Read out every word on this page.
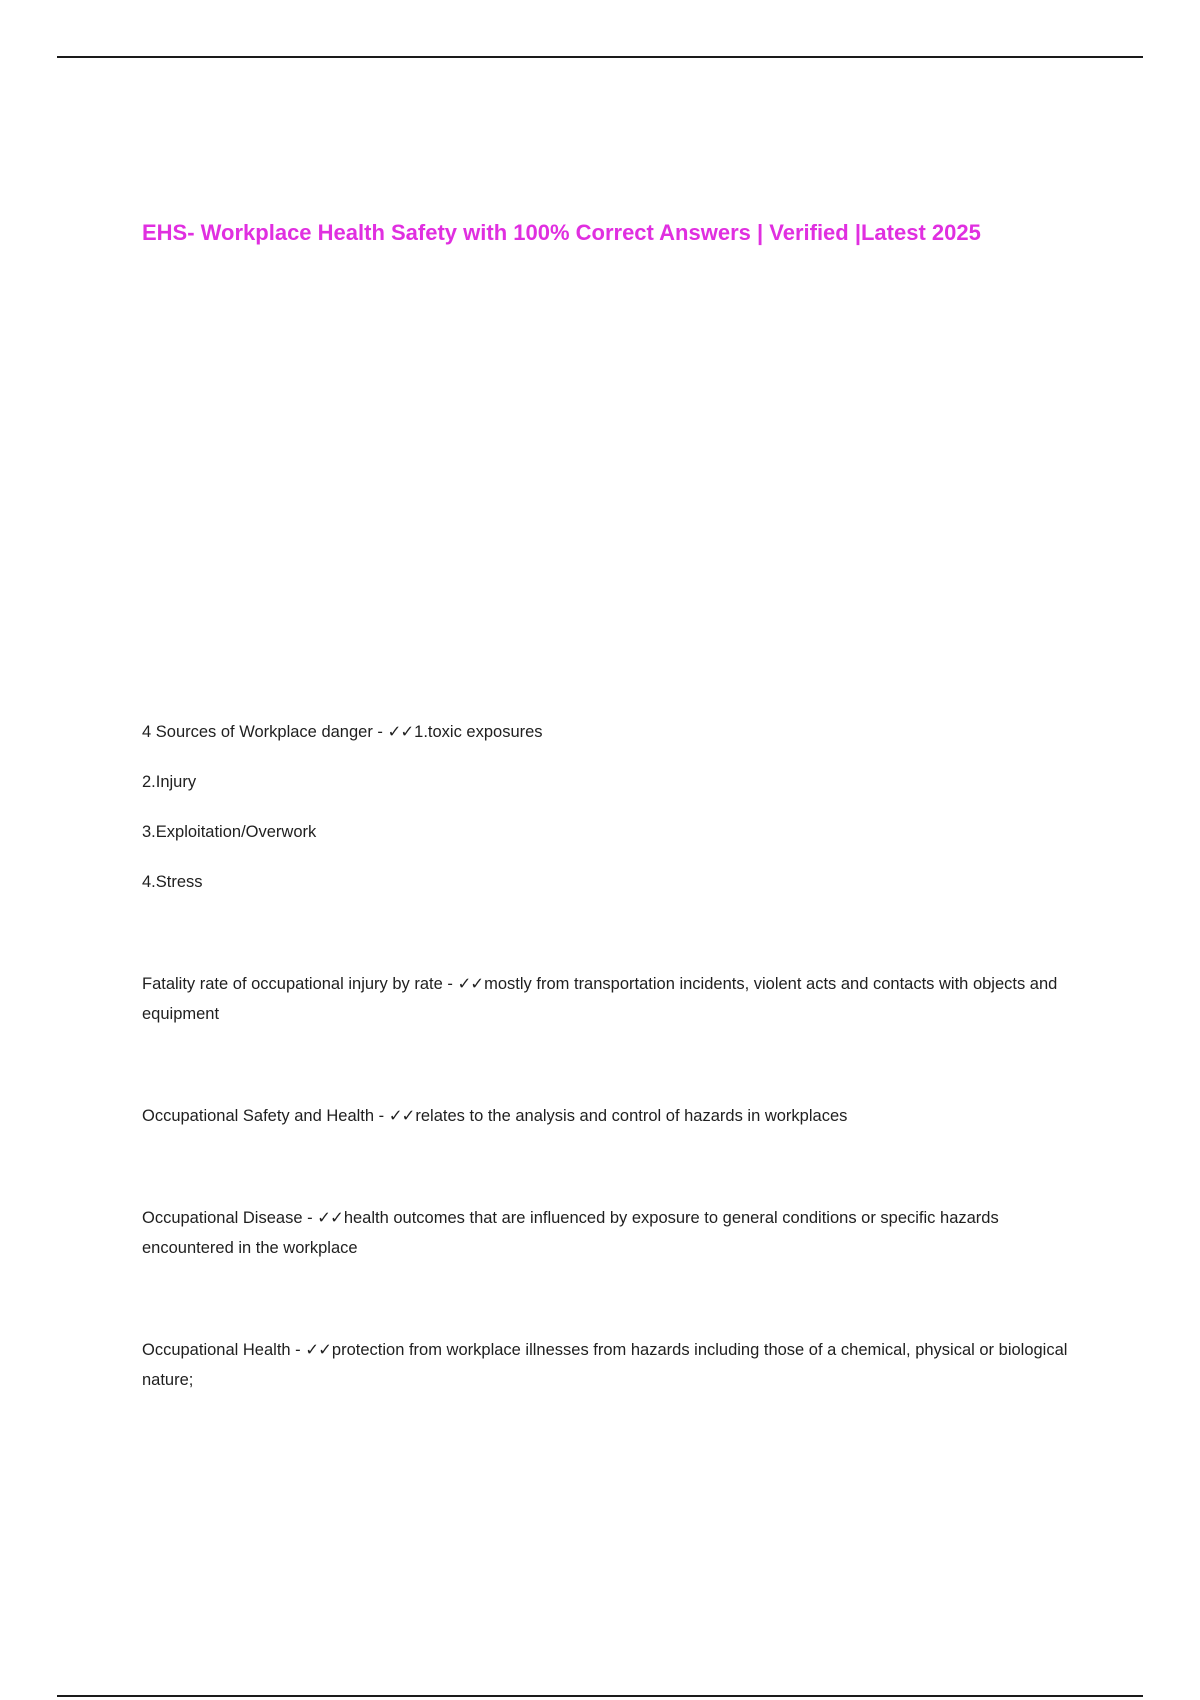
EHS- Workplace Health Safety with 100% Correct Answers | Verified |Latest 2025

4 Sources of Workplace danger - ✓✓1.toxic exposures

2.Injury

3.Exploitation/Overwork

4.Stress

Fatality rate of occupational injury by rate - ✓✓mostly from transportation incidents, violent acts and contacts with objects and equipment

Occupational Safety and Health - ✓✓relates to the analysis and control of hazards in workplaces

Occupational Disease - ✓✓health outcomes that are influenced by exposure to general conditions or specific hazards encountered in the workplace

Occupational Health - ✓✓protection from workplace illnesses from hazards including those of a chemical, physical or biological nature;
